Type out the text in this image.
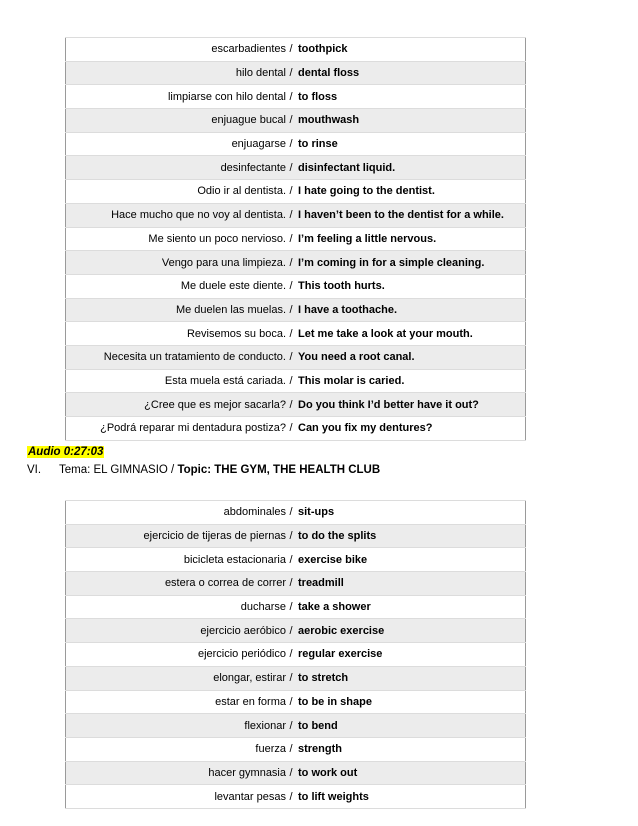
escarbadientes	/	toothpick
hilo dental	/	dental floss
limpiarse con hilo dental	/	to floss
enjuague bucal	/	mouthwash
enjuagarse	/	to rinse
desinfectante	/	disinfectant liquid.
Odio ir al dentista.	/	I hate going to the dentist.
Hace mucho que no voy al dentista.	/	I haven’t been to the dentist for a while.
Me siento un poco nervioso.	/	I’m feeling a little nervous.
Vengo para una limpieza.	/	I’m coming in for a simple cleaning.
Me duele este diente.	/	This tooth hurts.
Me duelen las muelas.	/	I have a toothache.
Revisemos su boca.	/	Let me take a look at your mouth.
Necesita un tratamiento de conducto.	/	You need a root canal.
Esta muela está cariada.	/	This molar is caried.
¿Cree que es mejor sacarla?	/	Do you think I’d better have it out?
¿Podrá reparar mi dentadura postiza?	/	Can you fix my dentures?
Audio 0:27:03
VI. Tema: EL GIMNASIO / Topic: THE GYM, THE HEALTH CLUB
abdominales	/	sit-ups
ejercicio de tijeras de piernas	/	to do the splits
bicicleta estacionaria	/	exercise bike
estera o correa de correr	/	treadmill
ducharse	/	take a shower
ejercicio aeróbico	/	aerobic exercise
ejercicio periódico	/	regular exercise
elongar, estirar	/	to stretch
estar en forma	/	to be in shape
flexionar	/	to bend
fuerza	/	strength
hacer gymnasia	/	to work out
levantar pesas	/	to lift weights
